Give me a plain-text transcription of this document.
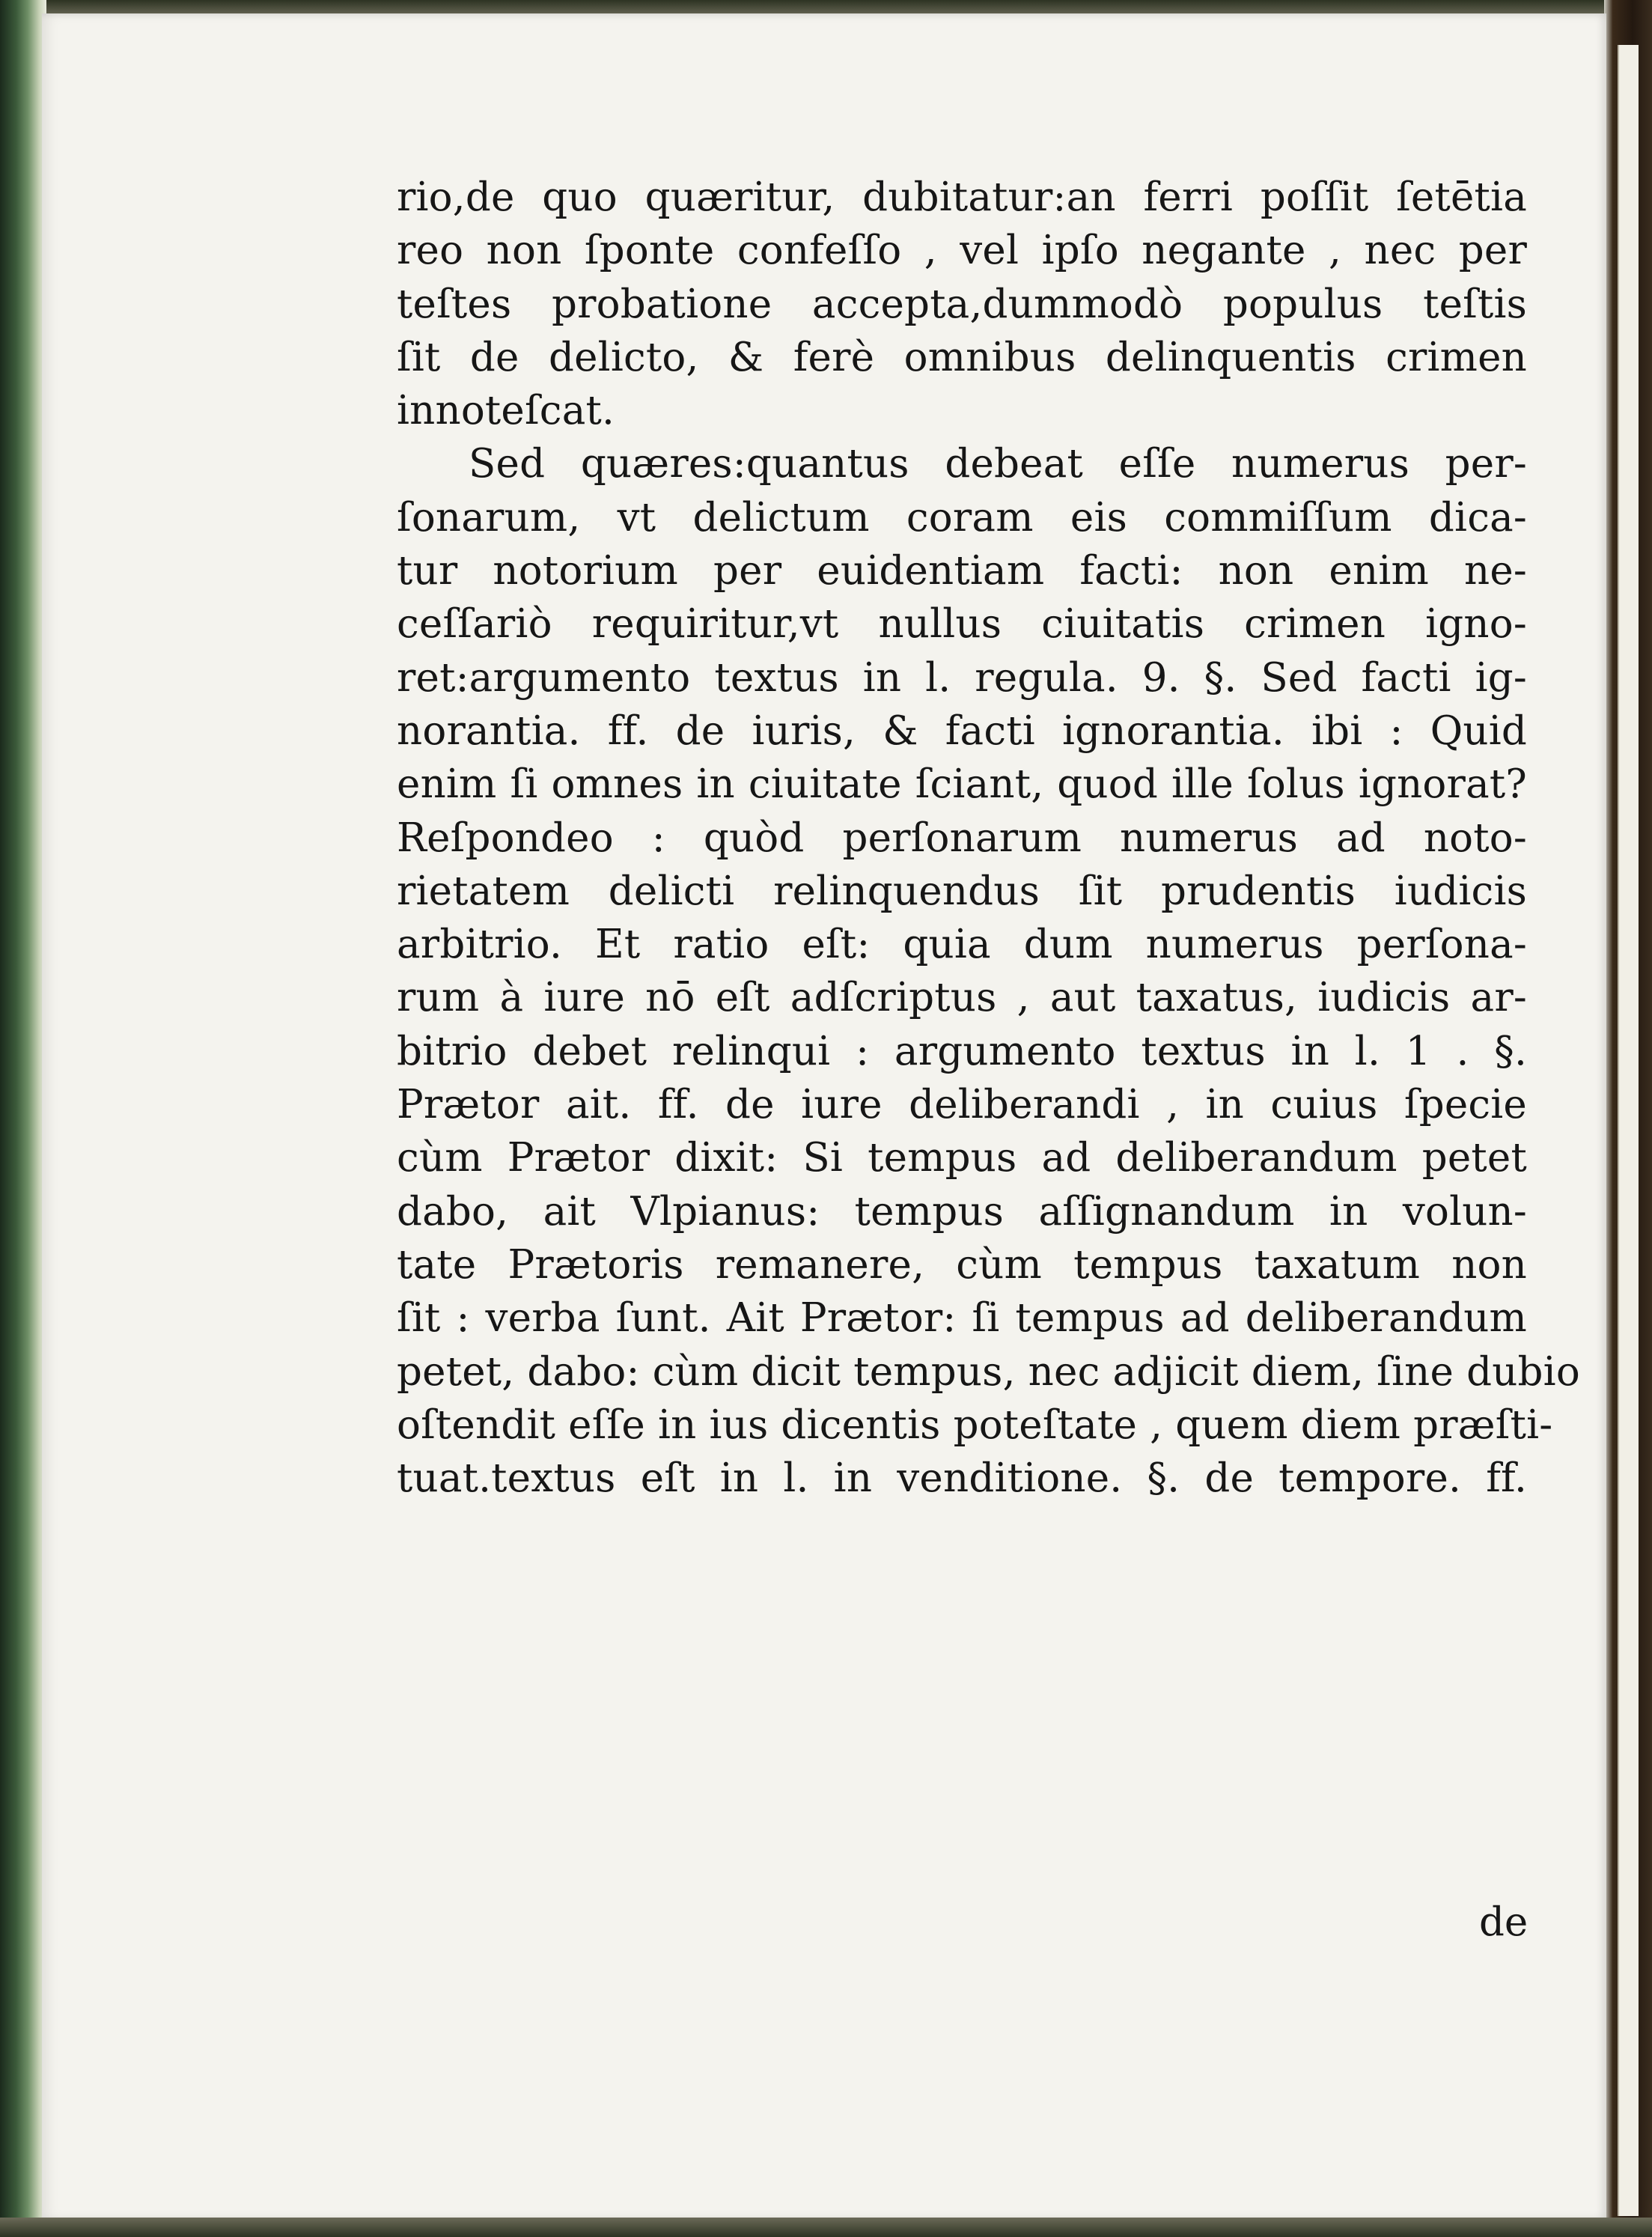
rio,de quo quæritur, dubitatur:an ferri poſſit ſetētia
reo non ſponte confeſſo , vel ipſo negante , nec per
teſtes probatione accepta,dummodò populus teſtis
ſit de delicto, & ferè omnibus delinquentis crimen
innoteſcat.
Sed quæres:quantus debeat eſſe numerus per-
ſonarum, vt delictum coram eis commiſſum dica-
tur notorium per euidentiam facti: non enim ne-
ceſſariò requiritur,vt nullus ciuitatis crimen igno-
ret:argumento textus in l. regula. 9. §. Sed facti ig-
norantia. ff. de iuris, & facti ignorantia. ibi : Quid
enim ſi omnes in ciuitate ſciant, quod ille ſolus ignorat?
Reſpondeo : quòd perſonarum numerus ad noto-
rietatem delicti relinquendus ſit prudentis iudicis
arbitrio. Et ratio eſt: quia dum numerus perſona-
rum à iure nō eſt adſcriptus , aut taxatus, iudicis ar-
bitrio debet relinqui : argumento textus in l. 1 . §.
Prætor ait. ff. de iure deliberandi , in cuius ſpecie
cùm Prætor dixit: Si tempus ad deliberandum petet
dabo, ait Vlpianus: tempus aſſignandum in volun-
tate Prætoris remanere, cùm tempus taxatum non
ſit : verba ſunt. Ait Prætor: ſi tempus ad deliberandum
petet, dabo: cùm dicit tempus, nec adjicit diem, ſine dubio
oſtendit eſſe in ius dicentis poteſtate , quem diem præſti-
tuat.textus eſt in l. in venditione. §. de tempore. ff.
de
